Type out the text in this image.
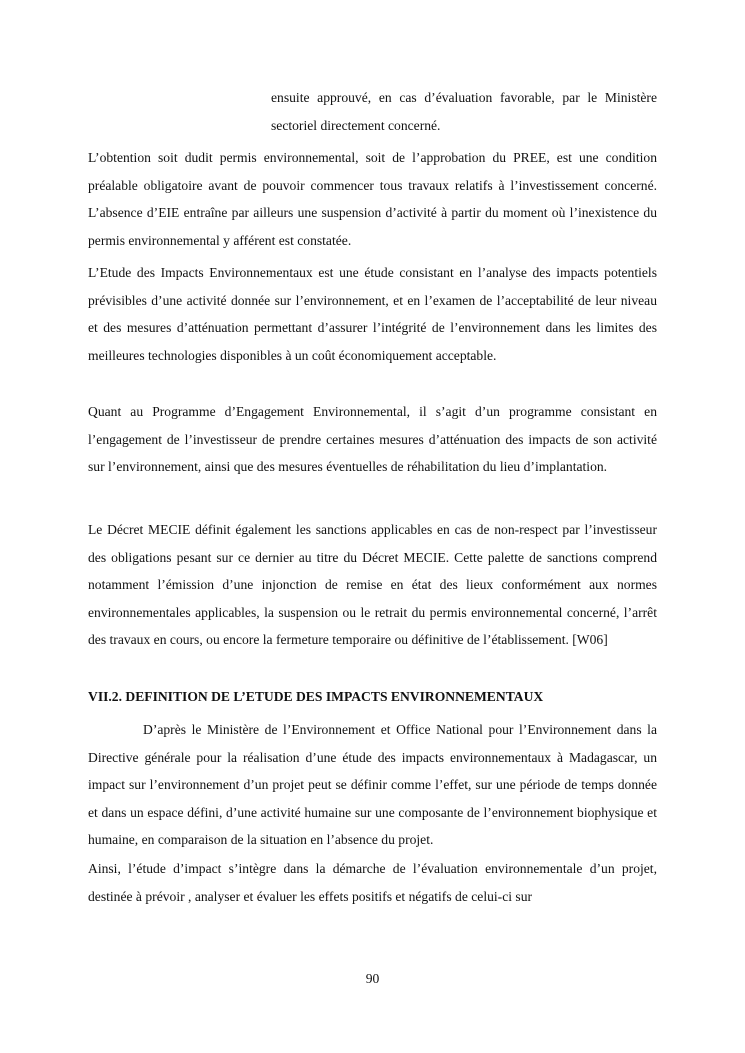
ensuite approuvé, en cas d’évaluation favorable, par le Ministère
sectoriel directement concerné.

L’obtention soit dudit permis environnemental, soit de l’approbation du PREE, est une condition préalable obligatoire avant de pouvoir commencer tous travaux relatifs à l’investissement concerné. L’absence d’EIE entraîne par ailleurs une suspension d’activité à partir du moment où l’inexistence du permis environnemental y afférent est constatée.

L’Etude des Impacts Environnementaux est une étude consistant en l’analyse des impacts potentiels prévisibles d’une activité donnée sur l’environnement, et en l’examen de l’acceptabilité de leur niveau et des mesures d’atténuation permettant d’assurer l’intégrité de l’environnement dans les limites des meilleures technologies disponibles à un coût économiquement acceptable.

Quant au Programme d’Engagement Environnemental, il s’agit d’un programme consistant en l’engagement de l’investisseur de prendre certaines mesures d’atténuation des impacts de son activité sur l’environnement, ainsi que des mesures éventuelles de réhabilitation du lieu d’implantation.

Le Décret MECIE définit également les sanctions applicables en cas de non-respect par l’investisseur des obligations pesant sur ce dernier au titre du Décret MECIE. Cette palette de sanctions comprend notamment l’émission d’une injonction de remise en état des lieux conformément aux normes environnementales applicables, la suspension ou le retrait du permis environnemental concerné, l’arrêt des travaux en cours, ou encore la fermeture temporaire ou définitive de l’établissement. [W06]

VII.2. DEFINITION DE L’ETUDE DES IMPACTS ENVIRONNEMENTAUX

D’après le Ministère de l’Environnement et Office National pour l’Environnement dans la Directive générale pour la réalisation d’une étude des impacts environnementaux à Madagascar, un impact sur l’environnement d’un projet peut se définir comme l’effet, sur une période de temps donnée et dans un espace défini, d’une activité humaine sur une composante de l’environnement biophysique et humaine, en comparaison de la situation en l’absence du projet.

Ainsi, l’étude d’impact s’intègre dans la démarche de l’évaluation environnementale d’un projet, destinée à prévoir , analyser et évaluer les effets positifs et négatifs de celui-ci sur

90
